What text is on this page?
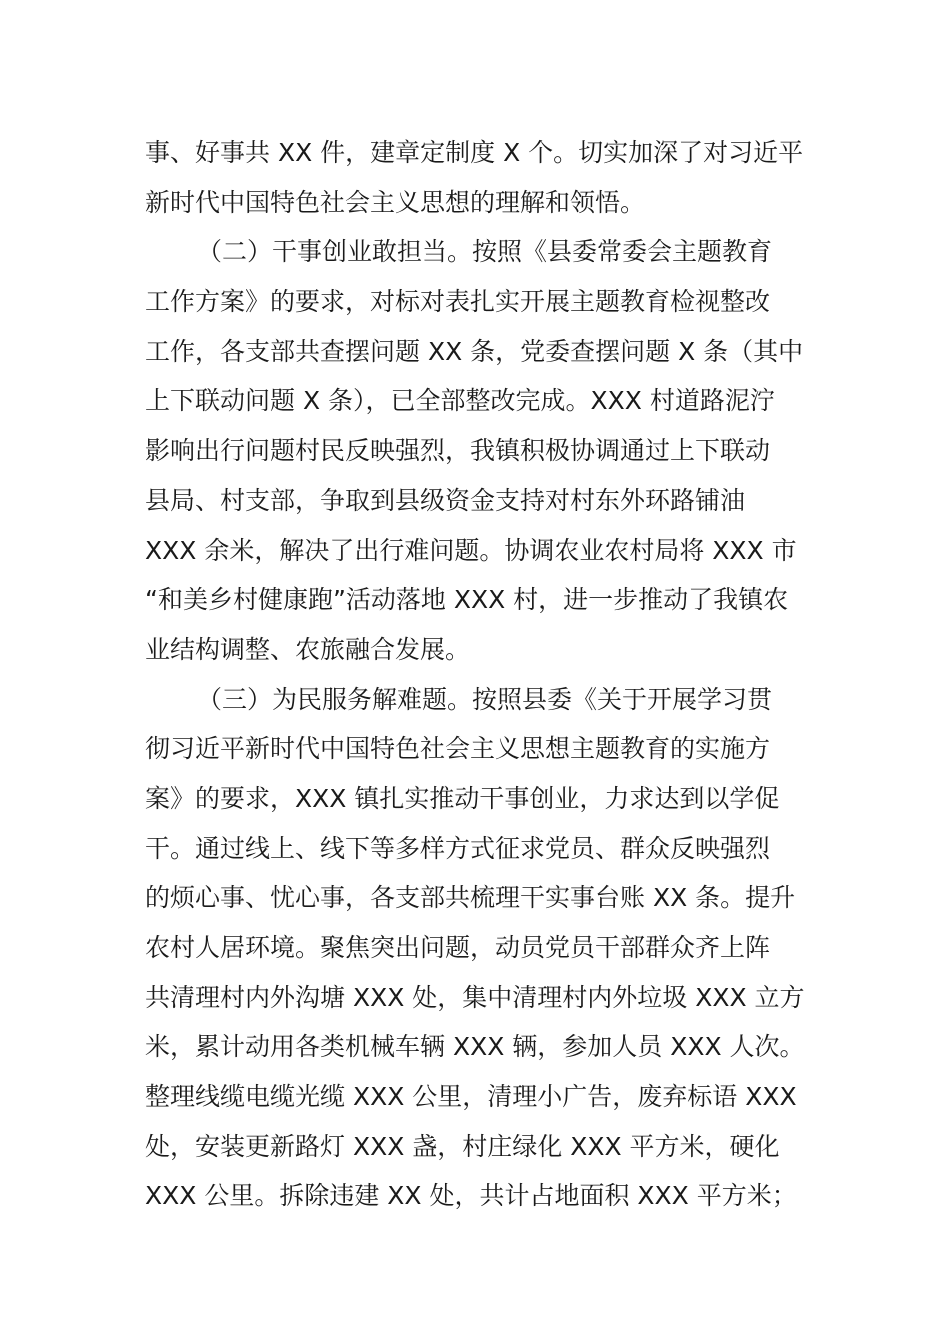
事、好事共 XX 件，建章定制度 X 个。切实加深了对习近平
新时代中国特色社会主义思想的理解和领悟。
（二）干事创业敢担当。按照《县委常委会主题教育
工作方案》的要求，对标对表扎实开展主题教育检视整改
工作，各支部共查摆问题 XX 条，党委查摆问题 X 条（其中
上下联动问题 X 条），已全部整改完成。XXX 村道路泥泞
影响出行问题村民反映强烈，我镇积极协调通过上下联动
县局、村支部，争取到县级资金支持对村东外环路铺油
XXX 余米，解决了出行难问题。协调农业农村局将 XXX 市
“和美乡村健康跑”活动落地 XXX 村，进一步推动了我镇农
业结构调整、农旅融合发展。
（三）为民服务解难题。按照县委《关于开展学习贯
彻习近平新时代中国特色社会主义思想主题教育的实施方
案》的要求，XXX 镇扎实推动干事创业，力求达到以学促
干。通过线上、线下等多样方式征求党员、群众反映强烈
的烦心事、忧心事，各支部共梳理干实事台账 XX 条。提升
农村人居环境。聚焦突出问题，动员党员干部群众齐上阵
共清理村内外沟塘 XXX 处，集中清理村内外垃圾 XXX 立方
米，累计动用各类机械车辆 XXX 辆，参加人员 XXX 人次。
整理线缆电缆光缆 XXX 公里，清理小广告，废弃标语 XXX
处，安装更新路灯 XXX 盏，村庄绿化 XXX 平方米，硬化
XXX 公里。拆除违建 XX 处，共计占地面积 XXX 平方米；
